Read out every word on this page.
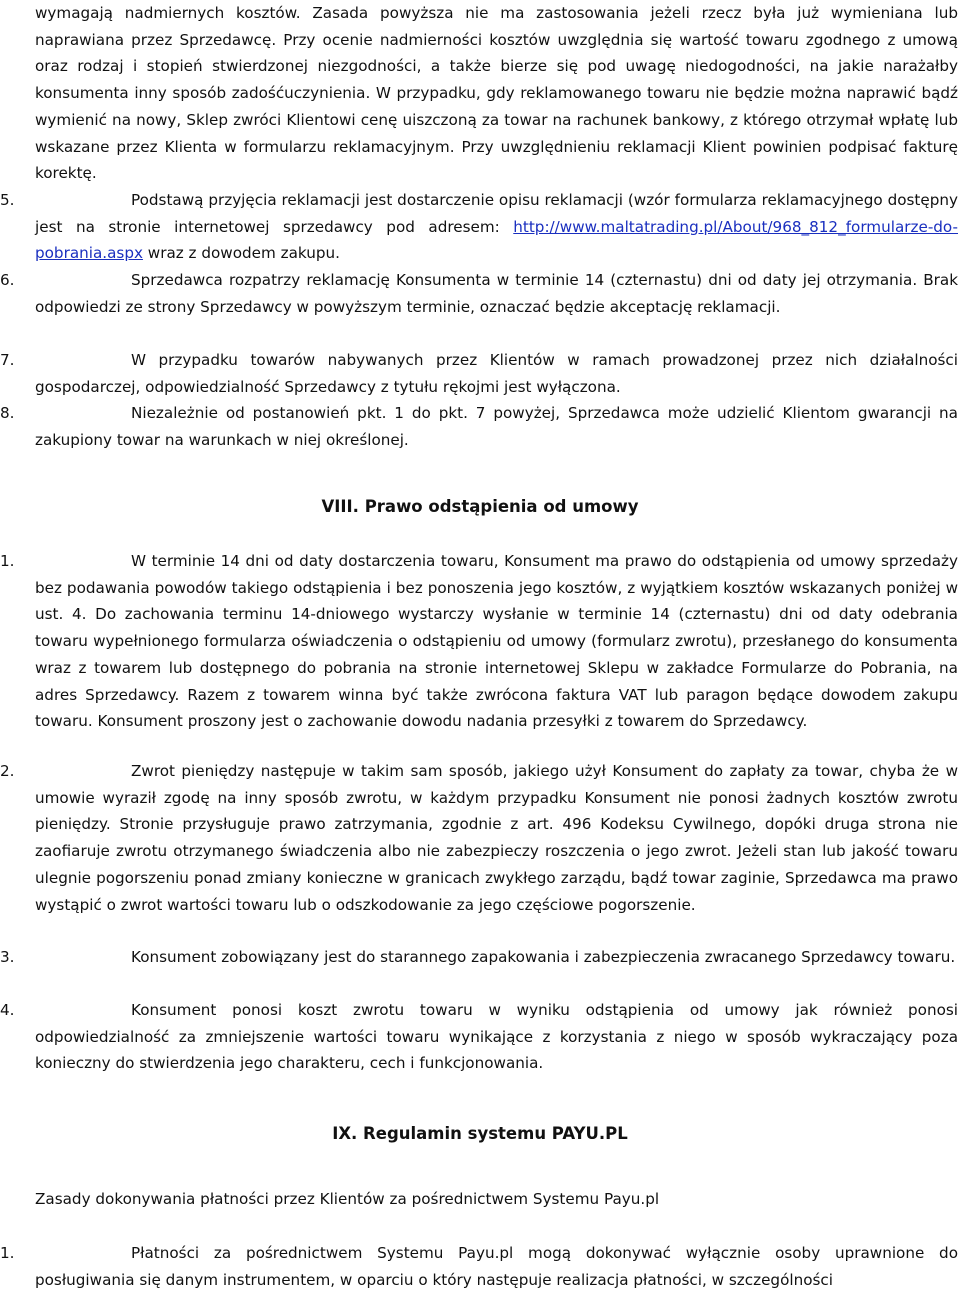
wymagają nadmiernych kosztów. Zasada powyższa nie ma zastosowania jeżeli rzecz była już wymieniana lub naprawiana przez Sprzedawcę. Przy ocenie nadmierności kosztów uwzględnia się wartość towaru zgodnego z umową oraz rodzaj i stopień stwierdzonej niezgodności, a także bierze się pod uwagę niedogodności, na jakie narażałby konsumenta inny sposób zadośćuczynienia. W przypadku, gdy reklamowanego towaru nie będzie można naprawić bądź wymienić na nowy, Sklep zwróci Klientowi cenę uiszczoną za towar na rachunek bankowy, z którego otrzymał wpłatę lub wskazane przez Klienta w formularzu reklamacyjnym. Przy uwzględnieniu reklamacji Klient powinien podpisać fakturę korektę.
5.	Podstawą przyjęcia reklamacji jest dostarczenie opisu reklamacji (wzór formularza reklamacyjnego dostępny jest na stronie internetowej sprzedawcy pod adresem: http://www.maltatrading.pl/About/968_812_formularze-do-pobrania.aspx wraz z dowodem zakupu.
6.	Sprzedawca rozpatrzy reklamację Konsumenta w terminie 14 (czternastu) dni od daty jej otrzymania. Brak odpowiedzi ze strony Sprzedawcy w powyższym terminie, oznaczać będzie akceptację reklamacji.
7.	W przypadku towarów nabywanych przez Klientów w ramach prowadzonej przez nich działalności gospodarczej, odpowiedzialność Sprzedawcy z tytułu rękojmi jest wyłączona.
8.	Niezależnie od postanowień pkt. 1 do pkt. 7 powyżej, Sprzedawca może udzielić Klientom gwarancji na zakupiony towar na warunkach w niej określonej.
VIII. Prawo odstąpienia od umowy
1.	W terminie 14 dni od daty dostarczenia towaru, Konsument ma prawo do odstąpienia od umowy sprzedaży bez podawania powodów takiego odstąpienia i bez ponoszenia jego kosztów, z wyjątkiem kosztów wskazanych poniżej w ust. 4. Do zachowania terminu 14-dniowego wystarczy wysłanie w terminie 14 (czternastu) dni od daty odebrania towaru wypełnionego formularza oświadczenia o odstąpieniu od umowy (formularz zwrotu), przesłanego do konsumenta wraz z towarem lub dostępnego do pobrania na stronie internetowej Sklepu w zakładce Formularze do Pobrania, na adres Sprzedawcy. Razem z towarem winna być także zwrócona faktura VAT lub paragon będące dowodem zakupu towaru. Konsument proszony jest o zachowanie dowodu nadania przesyłki z towarem do Sprzedawcy.
2.	Zwrot pieniędzy następuje w takim sam sposób, jakiego użył Konsument do zapłaty za towar, chyba że w umowie wyraził zgodę na inny sposób zwrotu, w każdym przypadku Konsument nie ponosi żadnych kosztów zwrotu pieniędzy. Stronie przysługuje prawo zatrzymania, zgodnie z art. 496 Kodeksu Cywilnego, dopóki druga strona nie zaofiaruje zwrotu otrzymanego świadczenia albo nie zabezpieczy roszczenia o jego zwrot. Jeżeli stan lub jakość towaru ulegnie pogorszeniu ponad zmiany konieczne w granicach zwykłego zarządu, bądź towar zaginie, Sprzedawca ma prawo wystąpić o zwrot wartości towaru lub o odszkodowanie za jego częściowe pogorszenie.
3.	Konsument zobowiązany jest do starannego zapakowania i zabezpieczenia zwracanego Sprzedawcy towaru.
4.	Konsument ponosi koszt zwrotu towaru w wyniku odstąpienia od umowy jak również ponosi odpowiedzialność za zmniejszenie wartości towaru wynikające z korzystania z niego w sposób wykraczający poza konieczny do stwierdzenia jego charakteru, cech i funkcjonowania.
IX. Regulamin systemu PAYU.PL
Zasady dokonywania płatności przez Klientów za pośrednictwem Systemu Payu.pl
1.	Płatności za pośrednictwem Systemu Payu.pl mogą dokonywać wyłącznie osoby uprawnione do posługiwania się danym instrumentem, w oparciu o który następuje realizacja płatności, w szczególności
